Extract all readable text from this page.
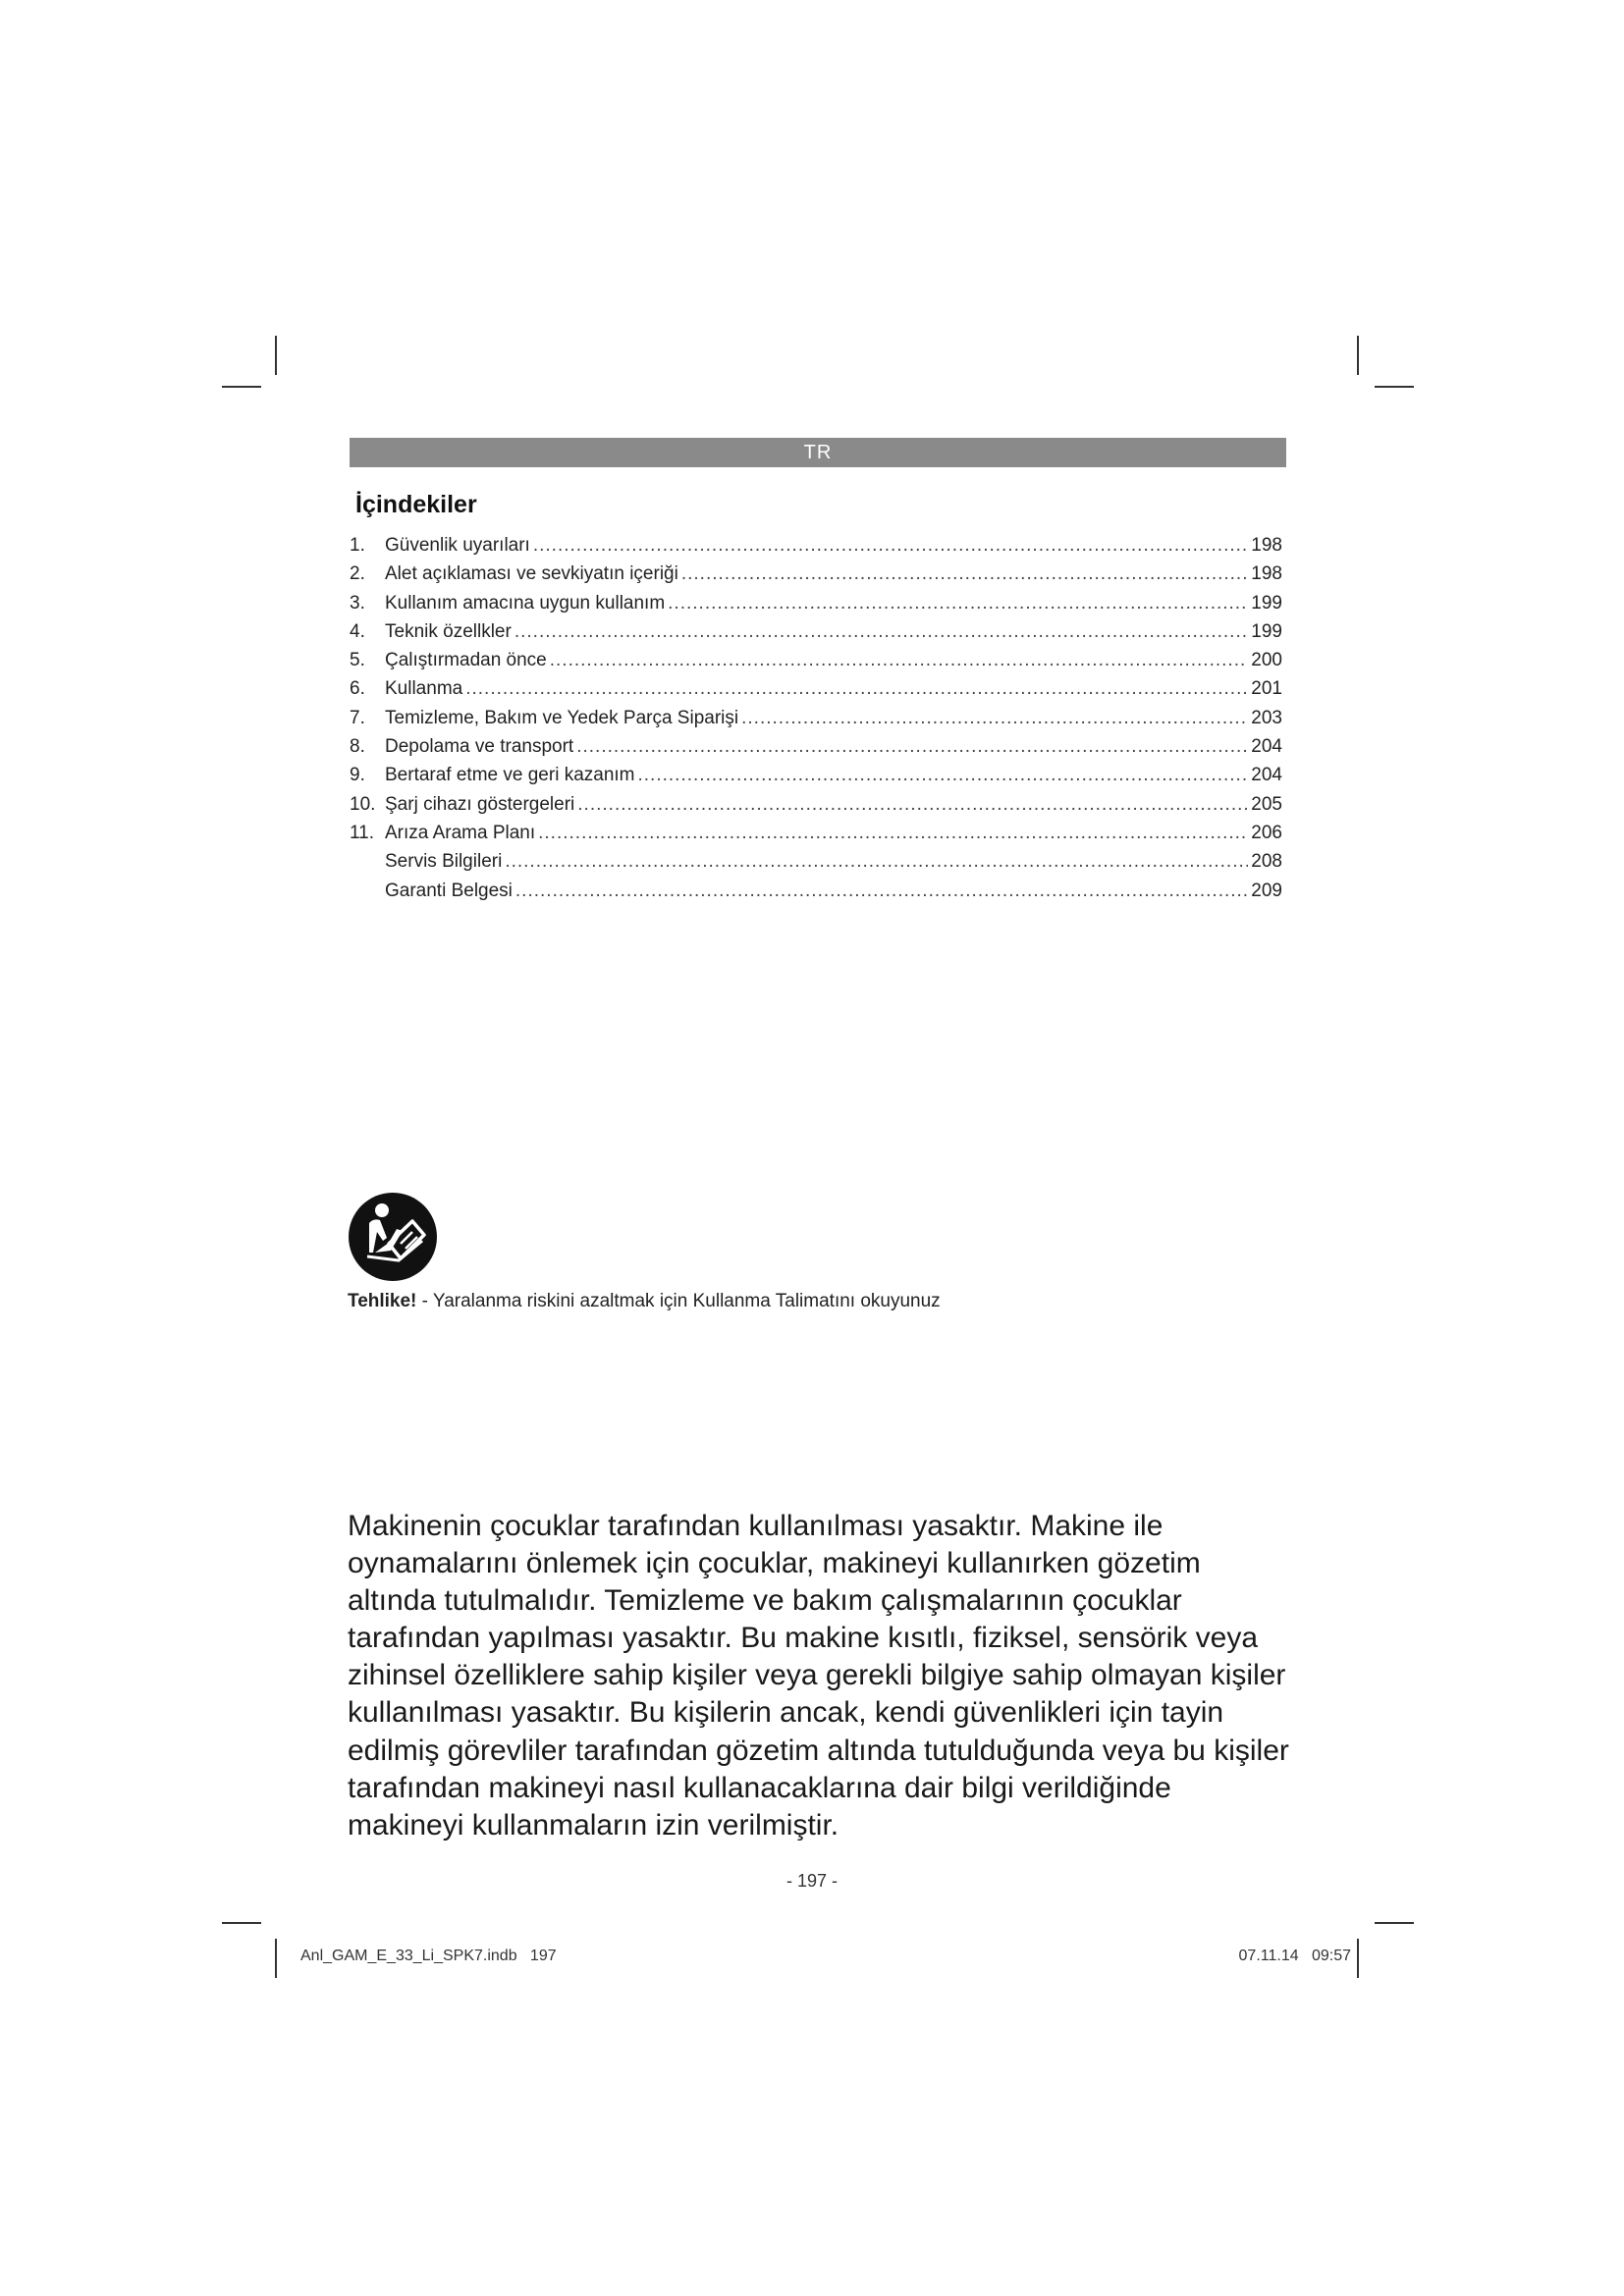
TR
İçindekiler
1.	Güvenlik uyarıları .....	198
2.	Alet açıklaması ve sevkiyatın içeriği .....	198
3.	Kullanım amacına uygun kullanım .....	199
4.	Teknik özellkler .....	199
5.	Çalıştırmadan önce .....	200
6.	Kullanma .....	201
7.	Temizleme, Bakım ve Yedek Parça Siparişi .....	203
8.	Depolama ve transport .....	204
9.	Bertaraf etme ve geri kazanım .....	204
10. Şarj cihazı göstergeleri .....	205
11. Arıza Arama Planı .....	206
Servis Bilgileri .....	208
Garanti Belgesi .....	209
Tehlike! - Yaralanma riskini azaltmak için Kullanma Talimatını okuyunuz

Makinenin çocuklar tarafından kullanılması yasaktır. Makine ile oynamalarını önlemek için çocuklar, makineyi kullanırken gözetim altında tutulmalıdır. Temizleme ve bakım çalışmalarının çocuklar tarafından yapılması yasaktır. Bu makine kısıtlı, fiziksel, sensörik veya zihinsel özelliklere sahip kişiler veya gerekli bilgiye sahip olmayan kişiler kullanılması yasaktır. Bu kişilerin ancak, kendi güvenlikleri için tayin edilmiş görevliler tarafından gözetim altında tutulduğunda veya bu kişiler tarafından makineyi nasıl kullanacaklarına dair bilgi verildiğinde makineyi kullanmaların izin verilmiştir.

- 197 -
Anl_GAM_E_33_Li_SPK7.indb   197	07.11.14   09:57
